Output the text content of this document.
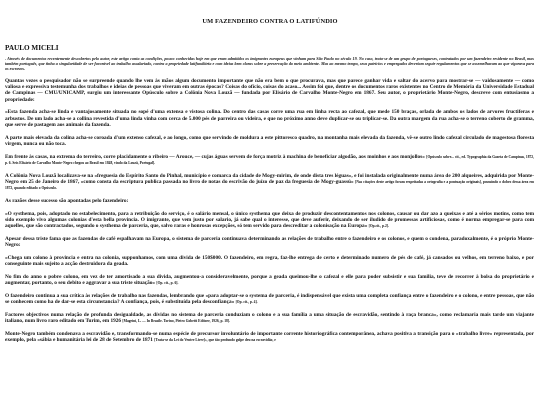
UM FAZENDEIRO CONTRA O LATIFÚNDIO
PAULO MICELI
. Através de documentos recentemente descobertos pelo autor, este artigo conta as condições, pouco conhecidas hoje em que eram admitidos os imigrantes europeus que vinham para São Paulo no século 19. No caso, trata-se de um grupo de portugueses, contratados por um fazendeiro residente no Brasil, mas também português, que tinha a singularidade de ser favorável ao trabalho assalariado, contra a propriedade latifundiária e com ideias bem claras sobre a preservação do meio ambiente. Mas ao mesmo tempo, seus patrícios e empregados deveriam seguir regulamentos que se assemelhavam ao que vigorava para os escravos.

Quantas vezes o pesquisador não se surpreende quando lhe vem às mãos algum documento importante que não era bem o que procurava, mas que parece ganhar vida e saltar do acervo para mostrar-se — vaidosamente — como valiosa e expressiva testemunha dos trabalhos e ideias de pessoas que viveram em outras épocas? Coisas do ofício, coisas do acaso... Assim foi que, dentre os documentos raros existentes no Centro de Memória da Universidade Estadual de Campinas — CMU/UNICAMP, surgiu um interessante Opúsculo sobre a Colônia Nova Louzã — fundada por Elisário de Carvalho Monte-Negro em 1867. Seu autor, o proprietário Monte-Negro, descreve com entusiasmo a propriedade:

«Esta fazenda acha-se linda e vantajosamente situada no sopé d'uma extensa e vistosa colina. Do centro das casas corre uma rua em linha recta ao cafezal, que mede 150 braças, orlada de ambos os lados de arvores fructiferas e arbustos. De um lado acha-se a collina revestida d'uma linda vinha com cerca de 5.000 pés de parreira ou videira, e que no próximo anno deve duplicar-se ou triplicar-se. Da outra margem da rua acha-se o terreno coberto de gramma, que serve de pastagem aos animais da fazenda.

A parte mais elevada da colina acha-se coroada d'um extenso cafezal, e ao longo, como que servindo de moldura a este pittoresco quadro, na montanha mais elevada da fazenda, vê-se outro lindo cafezal circulado de magestosa floresta virgem, nunca ou não toca.

Em frente às casas, na extrema do terreiro, corre placidamente o ribeiro — Arouce, — cujas águas servem de força motriz à machina de beneficiar algodão, aos moinhos e aos monjollos» [Opúsculo sobre... cit., ed. Typographia da Gazeta de Campinas, 1872, p. 6. Seis Elisário de Carvalho Monte-Negro chegou ao Brasil em 1848, vindo da Louzã, Portugal].

A Colônia Nova Louzã localizava-se na «freguesia do Espírito Santo do Pinhal, município e comarca da cidade de Mogy-mirim, de onde dista tres léguas», e foi instalada originalmente numa área de 200 alqueires, adquirida por Monte-Negro em 25 de Janeiro de 1867, «como consta da escriptura publica passada no livro de notas do escrivão do juízo de paz da freguesia de Mogy-guassú» [Nas citações deste artigo foram respeitadas a ortografia e a pontuação originais], possuindo o dobro dessa área em 1872, quando editado o Opúsculo.

As razões desse sucesso são apontadas pelo fazendeiro:

«O systhema, pois, adoptado no estabelecimento, para a retribuição do serviço, é o salário mensal, o único systhema que deixa de produzir descontentamentos nos colonos, causar ou dar azo a queixas e até a sérios motins, como tem sido exemplo vivo algumas colonias d'esta bella provincia. O imigrante, que vem justo por salario, já sabe qual o interesse, que deve auferir, deixando de ser iludido de promessas artificiosas, como é norma empregar-se para com aquelles, que são contractados, segundo o systhema de parceria, que, salvo raras e honrosas excepções, só tem servido para descreditar a colonisação na Europa» [Op.cit., p.2].

Apesar dessa triste fama que as fazendas de café espalhavam na Europa, o sistema de parceria continuava determinando as relações de trabalho entre o fazendeiro e os colonos, e quem o condena, paradoxalmente, é o próprio Monte-Negro:

«Chega um colono à provincia e entra na colonia, supponhamos, com uma divida de 150$000. O fazendeiro, em regra, faz-lhe entrega de certo e determinado numero de pés de café, já cansados ou velhos, em terreno baixo, e por conseguinte mais sujeito a acção destruidora da geada.

No fim do anno o pobre colono, em vez de ter amortisado a sua divida, augmentou-a consideravelmente, porque a geada queimou-lhe o cafezal e elle para poder subsistir e sua familia, teve de recorrer à bolsa do proprietário e augmentar, portanto, o seu debito e aggravar a sua triste situação» [Op. cit., p. 6].

O fazendeiro continua a sua crítica às relações de trabalho nas fazendas, lembrando que «para adoptar-se o systema de parceria, é indispensável que exista uma completa confiança entre o fazendeiro e o colono, e entre pessoas, que não se conhecem como ha de dar-se esta circunstancia? A confiança, pois, é substituída pela desconfiança» [Op. cit., p. 4].

Factores objectivos numa relação de profunda desigualdade, as dívidas no sistema de parceria conduziam o colono e a sua família a uma situação de escravidão, sentindo à raça branca», como reclamaria mais tarde um viajante italiano, num livro raro editado em Turim, em 1926 [Magrini, L. — In Brasile. Torino, Pietro Gobetti Editore, 1926, p. 18].

Monte-Negro também condenava a escravidão e, transformando-se numa espécie de precursor involuntário de importante corrente historiográfica contemporânea, achava positiva a transição para o «trabalho livre» representada, por exemplo, pela «sábia e humanitária lei de 28 de Setembro de 1871 [Trata-se da Lei do Ventre Livre]», que tão profundo golpe deu na escravidão, e
